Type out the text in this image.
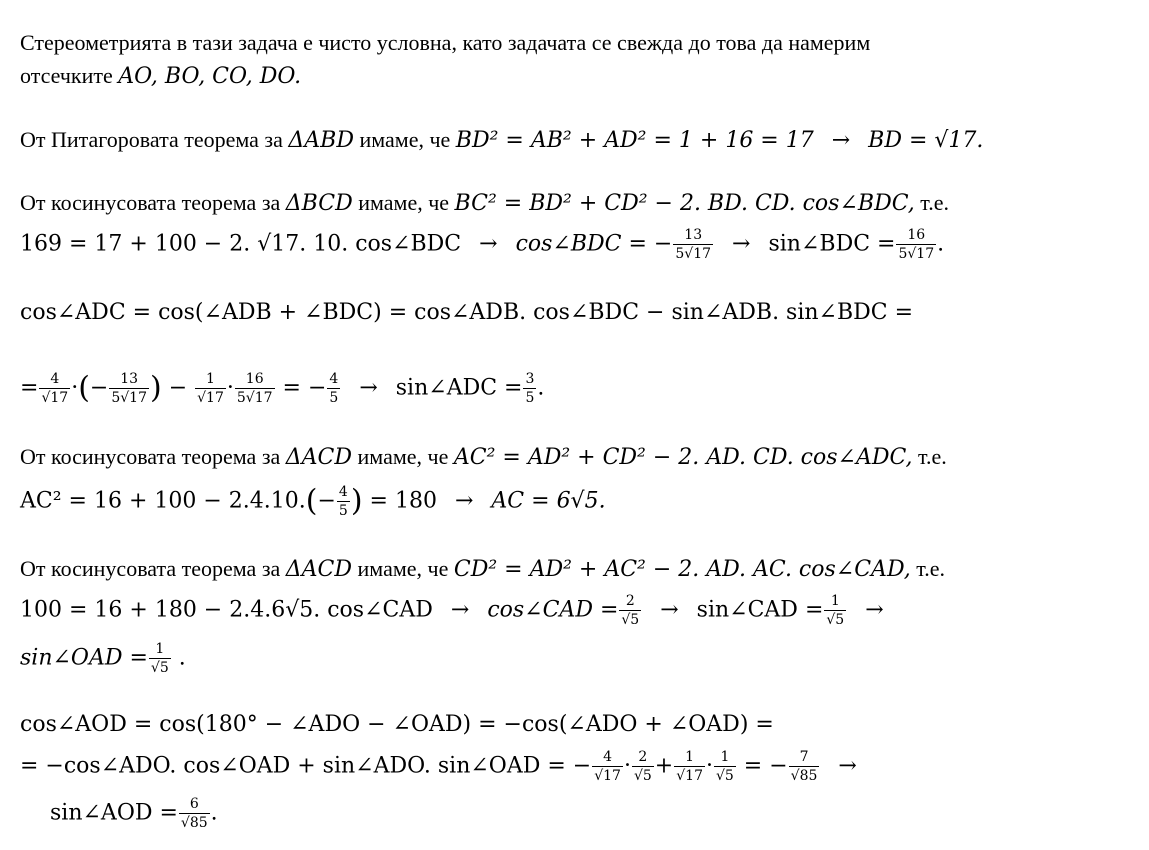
Стереометрията в тази задача е чисто условна, като задачата се свежда до това да намерим
отсечките AO, BO, CO, DO.
От Питагоровата теорема за ΔABD имаме, че BD² = AB² + AD² = 1 + 16 = 17 → BD = √17.
От косинусовата теорема за ΔBCD имаме, че BC² = BD² + CD² − 2. BD. CD. cos∠BDC, т.е.
169 = 17 + 100 − 2. √17. 10. cos∠BDC → cos∠BDC = − $\frac{13}{5√17}$ → sin∠BDC = $\frac{16}{5√17}$ .
cos∠ADC = cos(∠ADB + ∠BDC) = cos∠ADB. cos∠BDC − sin∠ADB. sin∠BDC =
= $\frac{4}{√17}$ ·(− $\frac{13}{5√17}$ ) − $\frac{1}{√17} \cdot \frac{16}{5√17}$ = − $\frac{4}{5}$ → sin∠ADC = $\frac{3}{5}$ .
От косинусовата теорема за ΔACD имаме, че AC² = AD² + CD² − 2. AD. CD. cos∠ADC, т.е.
$AC^2 = 16 + 100 - 2.4.10.(- \frac{4}{5}$ ) = 180 → AC = 6√5.
От косинусовата теорема за ΔACD имаме, че CD² = AD² + AC² − 2. AD. AC. cos∠CAD, т.е.
100 = 16 + 180 − 2.4.6√5. cos∠CAD → cos∠CAD = $\frac{2}{√5}$ → sin∠CAD = $\frac{1}{√5}$ →
sin∠OAD = $\frac{1}{√5}$ .
cos∠AOD = cos(180° − ∠ADO − ∠OAD) = −cos(∠ADO + ∠OAD) =
= −cos∠ADO. cos∠OAD + sin∠ADO. sin∠OAD = − $\frac{4}{√17} \cdot \frac{2}{√5} + \frac{1}{√17} \cdot \frac{1}{√5}$ = − $\frac{7}{√85}$ →
sin∠AOD = $\frac{6}{√85}$ .
